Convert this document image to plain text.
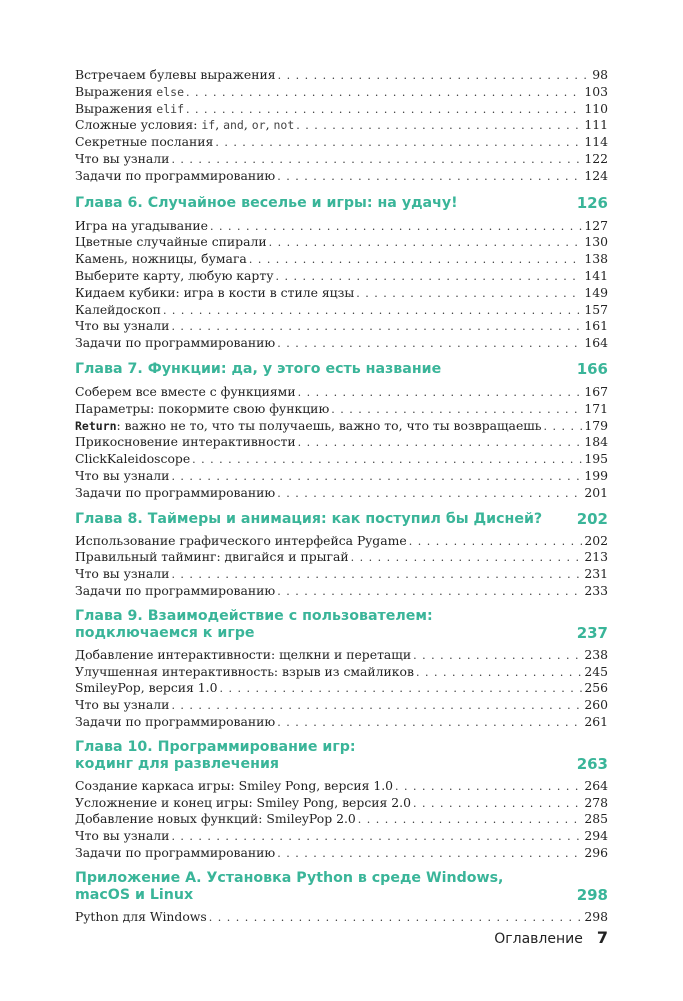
Встречаем булевы выражения . . .	98
Выражения else . . .	103
Выражения elif . . .	110
Сложные условия: if, and, or, not . . .	111
Секретные послания . . .	114
Что вы узнали . . .	122
Задачи по программированию . . .	124
Глава 6. Случайное веселье и игры: на удачу!	126
Игра на угадывание . . .	127
Цветные случайные спирали . . .	130
Камень, ножницы, бумага . . .	138
Выберите карту, любую карту . . .	141
Кидаем кубики: игра в кости в стиле яцзы . . .	149
Калейдоскоп . . .	157
Что вы узнали . . .	161
Задачи по программированию . . .	164
Глава 7. Функции: да, у этого есть название	166
Соберем все вместе с функциями . . .	167
Параметры: покормите свою функцию . . .	171
Return: важно не то, что ты получаешь, важно то, что ты возвращаешь . . .	179
Прикосновение интерактивности . . .	184
ClickKaleidoscope . . .	195
Что вы узнали . . .	199
Задачи по программированию . . .	201
Глава 8. Таймеры и анимация: как поступил бы Дисней? 202
Использование графического интерфейса Pygame . . .	202
Правильный тайминг: двигайся и прыгай . . .	213
Что вы узнали . . .	231
Задачи по программированию . . .	233
Глава 9. Взаимодействие с пользователем:
подключаемся к игре	237
Добавление интерактивности: щелкни и перетащи . . .	238
Улучшенная интерактивность: взрыв из смайликов . . .	245
SmileyPop, версия 1.0 . . .	256
Что вы узнали . . .	260
Задачи по программированию . . .	261
Глава 10. Программирование игр:
кодинг для развлечения	263
Создание каркаса игры: Smiley Pong, версия 1.0 . . .	264
Усложнение и конец игры: Smiley Pong, версия 2.0 . . .	278
Добавление новых функций: SmileyPop 2.0 . . .	285
Что вы узнали . . .	294
Задачи по программированию . . .	296
Приложение А. Установка Python в среде Windows,
macOS и Linux	298
Python для Windows . . .	298
Оглавление 7
